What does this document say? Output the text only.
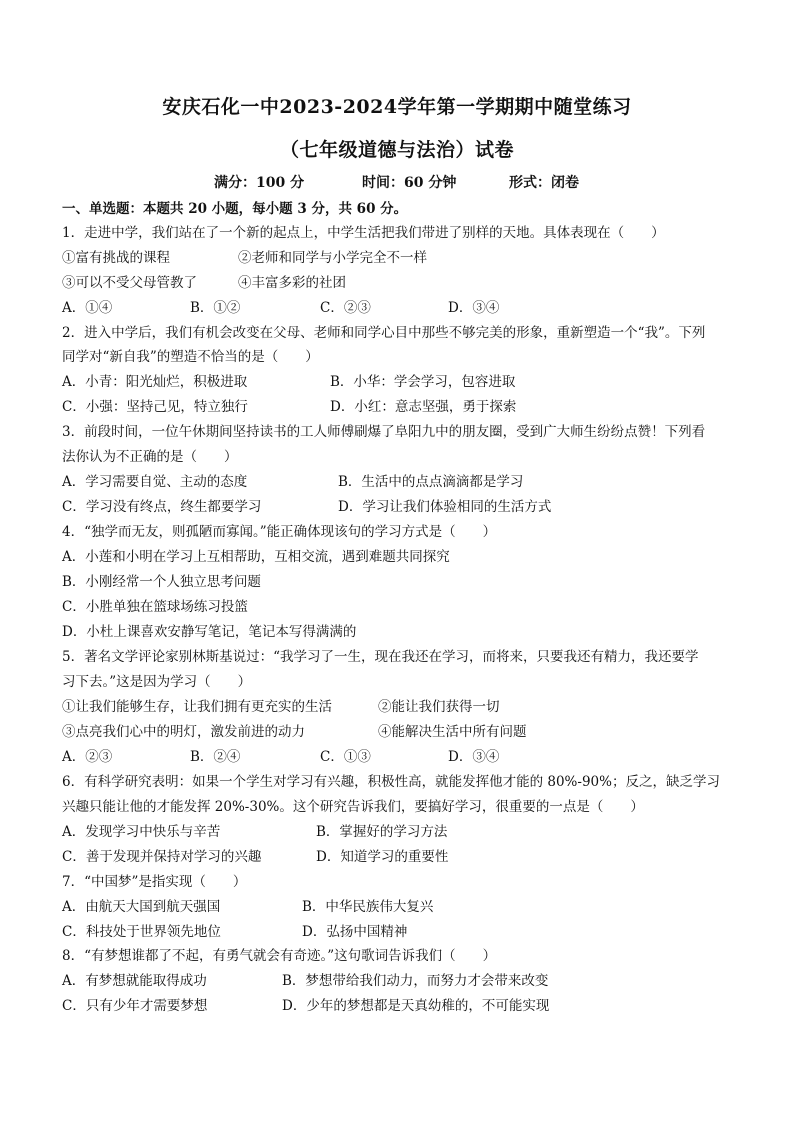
安庆石化一中2023-2024学年第一学期期中随堂练习
（七年级道德与法治）试卷
满分：100 分	时间：60 分钟	形式：闭卷
一、单选题：本题共 20 小题，每小题 3 分，共 60 分。
1．走进中学，我们站在了一个新的起点上，中学生活把我们带进了别样的天地。具体表现在（　　）
①富有挑战的课程	②老师和同学与小学完全不一样
③可以不受父母管教了	④丰富多彩的社团
A．①④	B．①②	C．②③	D．③④
2．进入中学后，我们有机会改变在父母、老师和同学心目中那些不够完美的形象，重新塑造一个“我”。下列
同学对“新自我”的塑造不恰当的是（　　）
A．小青：阳光灿烂，积极进取	B．小华：学会学习，包容进取
C．小强：坚持己见，特立独行	D．小红：意志坚强，勇于探索
3．前段时间，一位午休期间坚持读书的工人师傅刷爆了阜阳九中的朋友圈，受到广大师生纷纷点赞！下列看
法你认为不正确的是（　　）
A．学习需要自觉、主动的态度	B．生活中的点点滴滴都是学习
C．学习没有终点，终生都要学习	D．学习让我们体验相同的生活方式
4．“独学而无友，则孤陋而寡闻。”能正确体现该句的学习方式是（　　）
A．小莲和小明在学习上互相帮助，互相交流，遇到难题共同探究
B．小刚经常一个人独立思考问题
C．小胜单独在篮球场练习投篮
D．小杜上课喜欢安静写笔记，笔记本写得满满的
5．著名文学评论家别林斯基说过：“我学习了一生，现在我还在学习，而将来，只要我还有精力，我还要学
习下去。”这是因为学习（　　）
①让我们能够生存，让我们拥有更充实的生活	②能让我们获得一切
③点亮我们心中的明灯，激发前进的动力	④能解决生活中所有问题
A．②③	B．②④	C．①③	D．③④
6．有科学研究表明：如果一个学生对学习有兴趣，积极性高，就能发挥他才能的 80%-90%；反之，缺乏学习
兴趣只能让他的才能发挥 20%-30%。这个研究告诉我们，要搞好学习，很重要的一点是（　　）
A．发现学习中快乐与辛苦	B．掌握好的学习方法
C．善于发现并保持对学习的兴趣	D．知道学习的重要性
7．“中国梦”是指实现（　　）
A．由航天大国到航天强国	B．中华民族伟大复兴
C．科技处于世界领先地位	D．弘扬中国精神
8．“有梦想谁都了不起，有勇气就会有奇迹。”这句歌词告诉我们（　　）
A．有梦想就能取得成功	B．梦想带给我们动力，而努力才会带来改变
C．只有少年才需要梦想	D．少年的梦想都是天真幼稚的，不可能实现
